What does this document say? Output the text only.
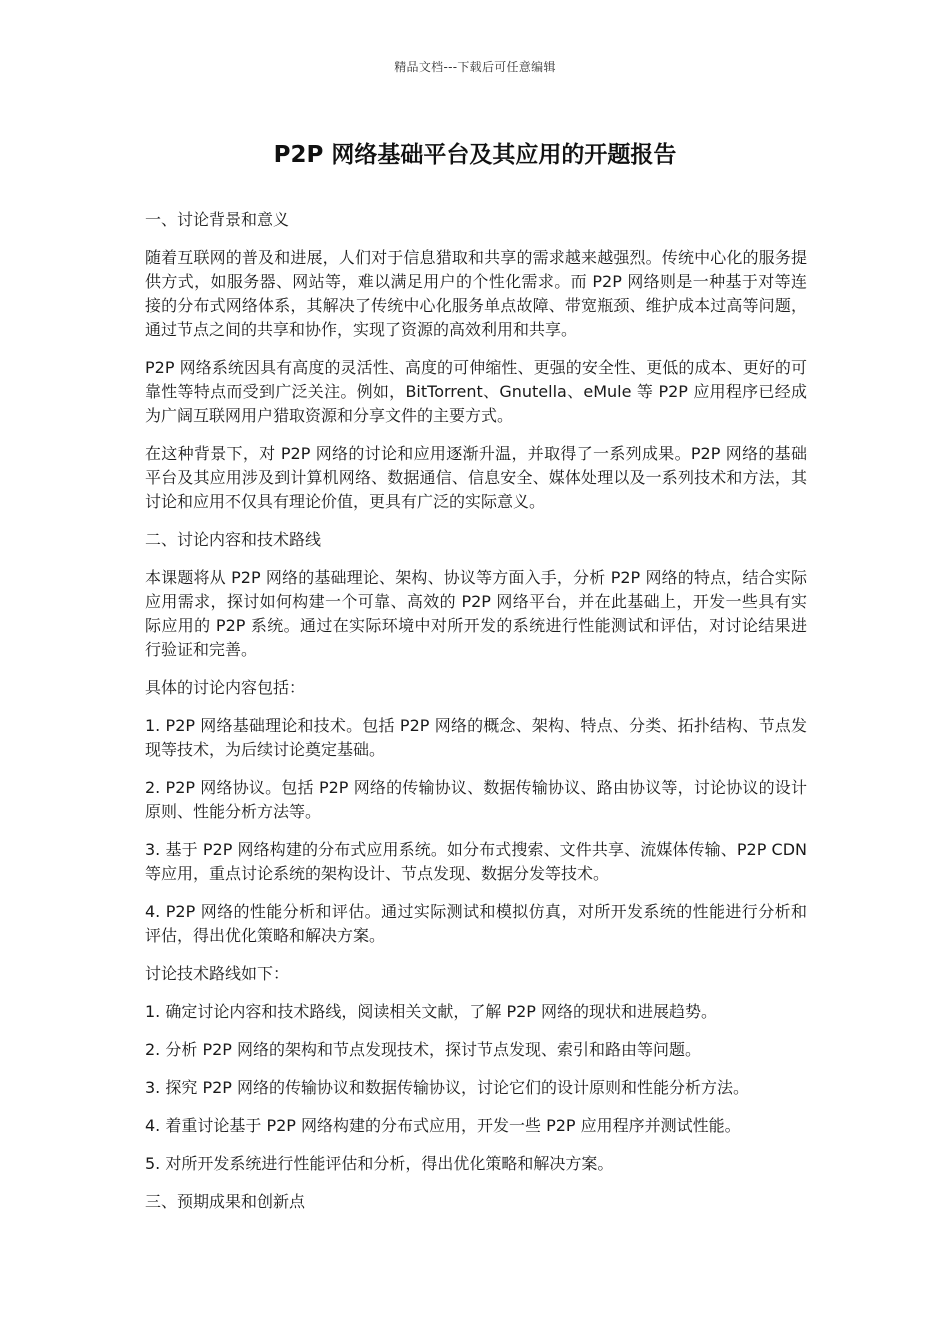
精品文档---下载后可任意编辑
P2P 网络基础平台及其应用的开题报告

一、讨论背景和意义

随着互联网的普及和进展，人们对于信息猎取和共享的需求越来越强烈。传统中心化的服务提供方式，如服务器、网站等，难以满足用户的个性化需求。而 P2P 网络则是一种基于对等连接的分布式网络体系，其解决了传统中心化服务单点故障、带宽瓶颈、维护成本过高等问题，通过节点之间的共享和协作，实现了资源的高效利用和共享。

P2P 网络系统因具有高度的灵活性、高度的可伸缩性、更强的安全性、更低的成本、更好的可靠性等特点而受到广泛关注。例如，BitTorrent、Gnutella、eMule 等 P2P 应用程序已经成为广阔互联网用户猎取资源和分享文件的主要方式。

在这种背景下，对 P2P 网络的讨论和应用逐渐升温，并取得了一系列成果。P2P 网络的基础平台及其应用涉及到计算机网络、数据通信、信息安全、媒体处理以及一系列技术和方法，其讨论和应用不仅具有理论价值，更具有广泛的实际意义。

二、讨论内容和技术路线

本课题将从 P2P 网络的基础理论、架构、协议等方面入手，分析 P2P 网络的特点，结合实际应用需求，探讨如何构建一个可靠、高效的 P2P 网络平台，并在此基础上，开发一些具有实际应用的 P2P 系统。通过在实际环境中对所开发的系统进行性能测试和评估，对讨论结果进行验证和完善。

具体的讨论内容包括：

1. P2P 网络基础理论和技术。包括 P2P 网络的概念、架构、特点、分类、拓扑结构、节点发现等技术，为后续讨论奠定基础。

2. P2P 网络协议。包括 P2P 网络的传输协议、数据传输协议、路由协议等，讨论协议的设计原则、性能分析方法等。

3. 基于 P2P 网络构建的分布式应用系统。如分布式搜索、文件共享、流媒体传输、P2P CDN 等应用，重点讨论系统的架构设计、节点发现、数据分发等技术。

4. P2P 网络的性能分析和评估。通过实际测试和模拟仿真，对所开发系统的性能进行分析和评估，得出优化策略和解决方案。

讨论技术路线如下：

1. 确定讨论内容和技术路线，阅读相关文献，了解 P2P 网络的现状和进展趋势。

2. 分析 P2P 网络的架构和节点发现技术，探讨节点发现、索引和路由等问题。

3. 探究 P2P 网络的传输协议和数据传输协议，讨论它们的设计原则和性能分析方法。

4. 着重讨论基于 P2P 网络构建的分布式应用，开发一些 P2P 应用程序并测试性能。

5. 对所开发系统进行性能评估和分析，得出优化策略和解决方案。

三、预期成果和创新点
